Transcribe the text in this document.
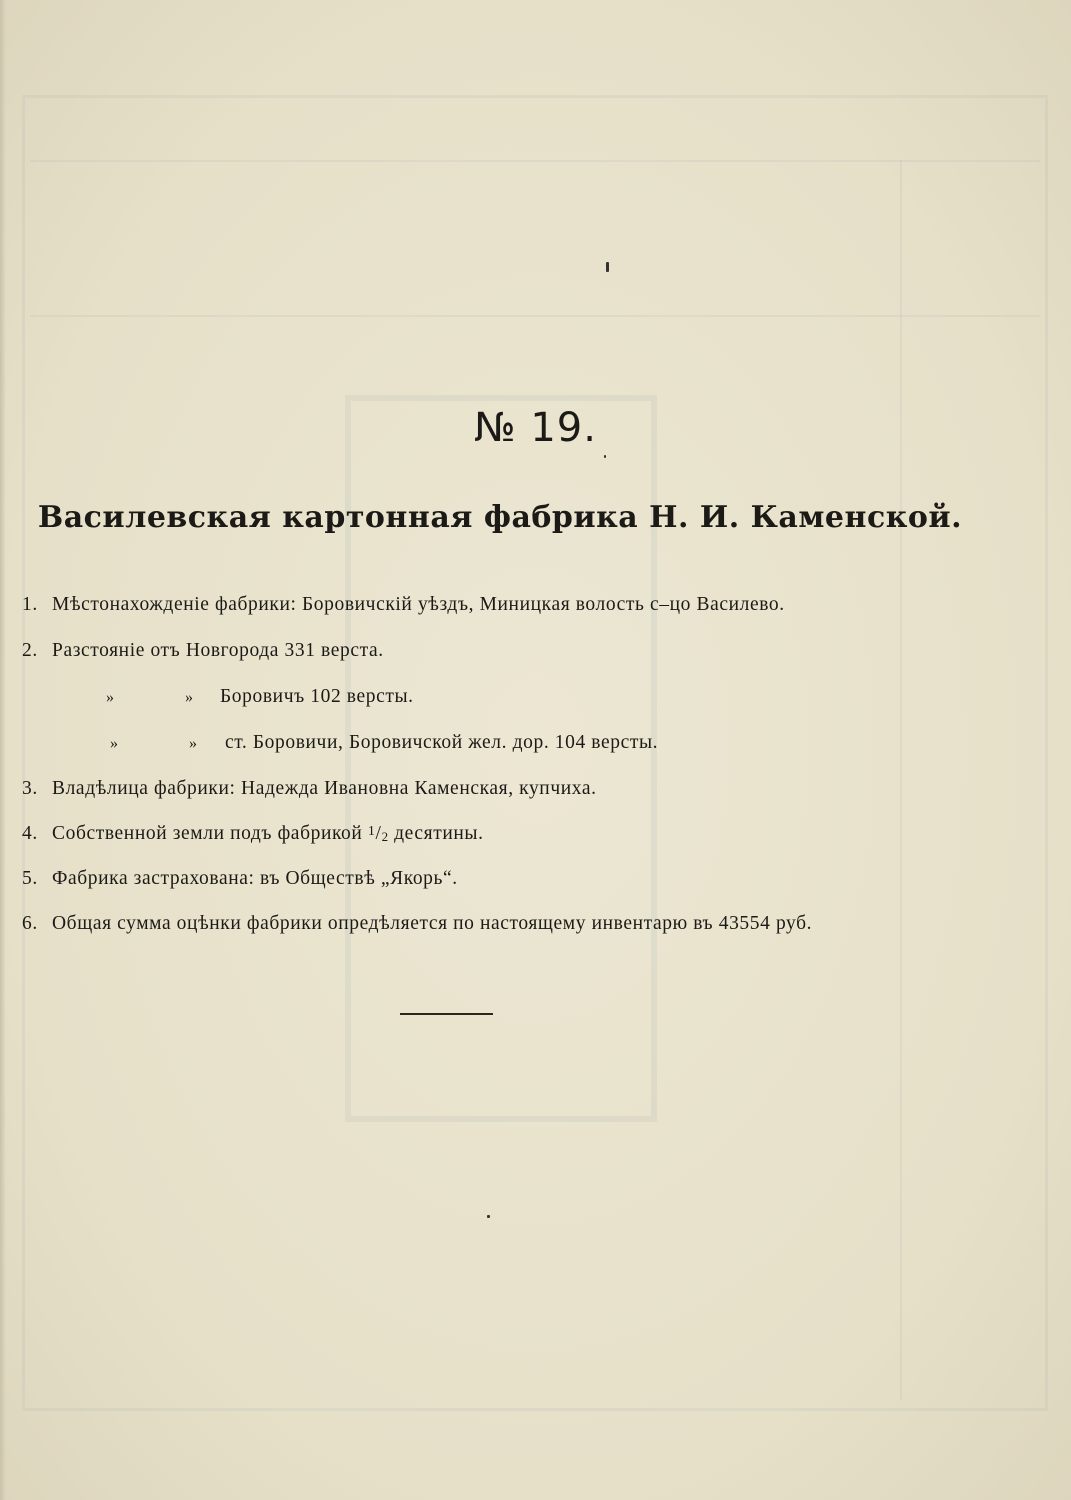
№ 19.
Василевская картонная фабрика Н. И. Каменской.
1. Мѣстонахожденіе фабрики: Боровичскій уѣздъ, Миницкая волость с–цо Василево.
2. Разстояніе отъ Новгорода 331 верста.
»	» Боровичъ 102 версты.
»	» ст. Боровичи, Боровичской жел. дор. 104 версты.
3. Владѣлица фабрики: Надежда Ивановна Каменская, купчиха.
4. Собственной земли подъ фабрикой $^1$/2 десятины.
5. Фабрика застрахована: въ Обществѣ „Якорь“.
6. Общая сумма оцѣнки фабрики опредѣляется по настоящему инвентарю въ 43554 руб.
